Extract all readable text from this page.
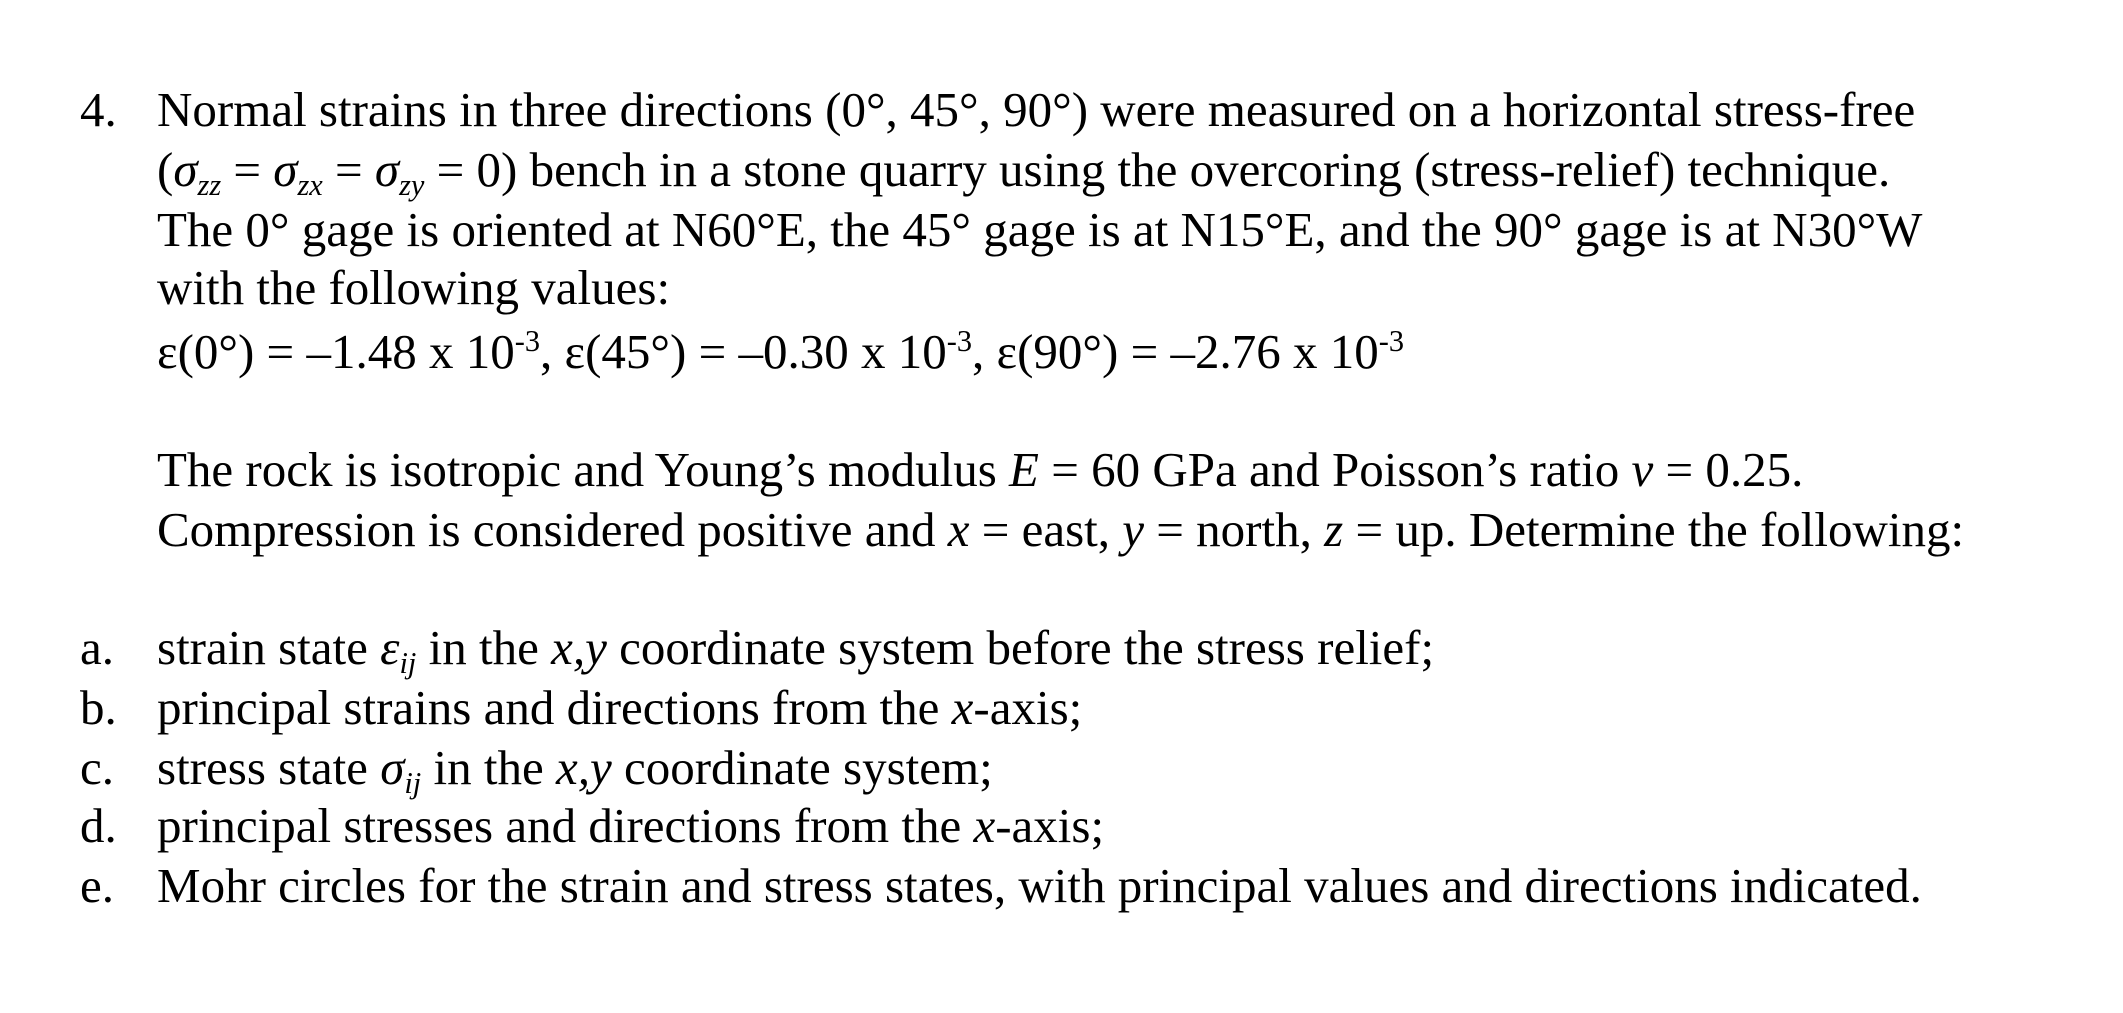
4. Normal strains in three directions (0°, 45°, 90°) were measured on a horizontal stress-free
$(\sigma_{zz} = \sigma_{zx} = \sigma_{zy} = 0)$ bench in a stone quarry using the overcoring (stress-relief) technique.
The 0° gage is oriented at N60°E, the 45° gage is at N15°E, and the 90° gage is at N30°W
with the following values:
ε(0°) = –1.48 x $10^{-3}$, ε(45°) = –0.30 x $10^{-3}$, ε(90°) = –2.76 x $10^{-3}$
The rock is isotropic and Young’s modulus E = 60 GPa and Poisson’s ratio ν = 0.25.
Compression is considered positive and x = east, y = north, z = up. Determine the following:
a. strain state $\varepsilon_{ij}$ in the x,y coordinate system before the stress relief;
b. principal strains and directions from the x-axis;
c. stress state $\sigma_{ij}$ in the x,y coordinate system;
d. principal stresses and directions from the x-axis;
e. Mohr circles for the strain and stress states, with principal values and directions indicated.
